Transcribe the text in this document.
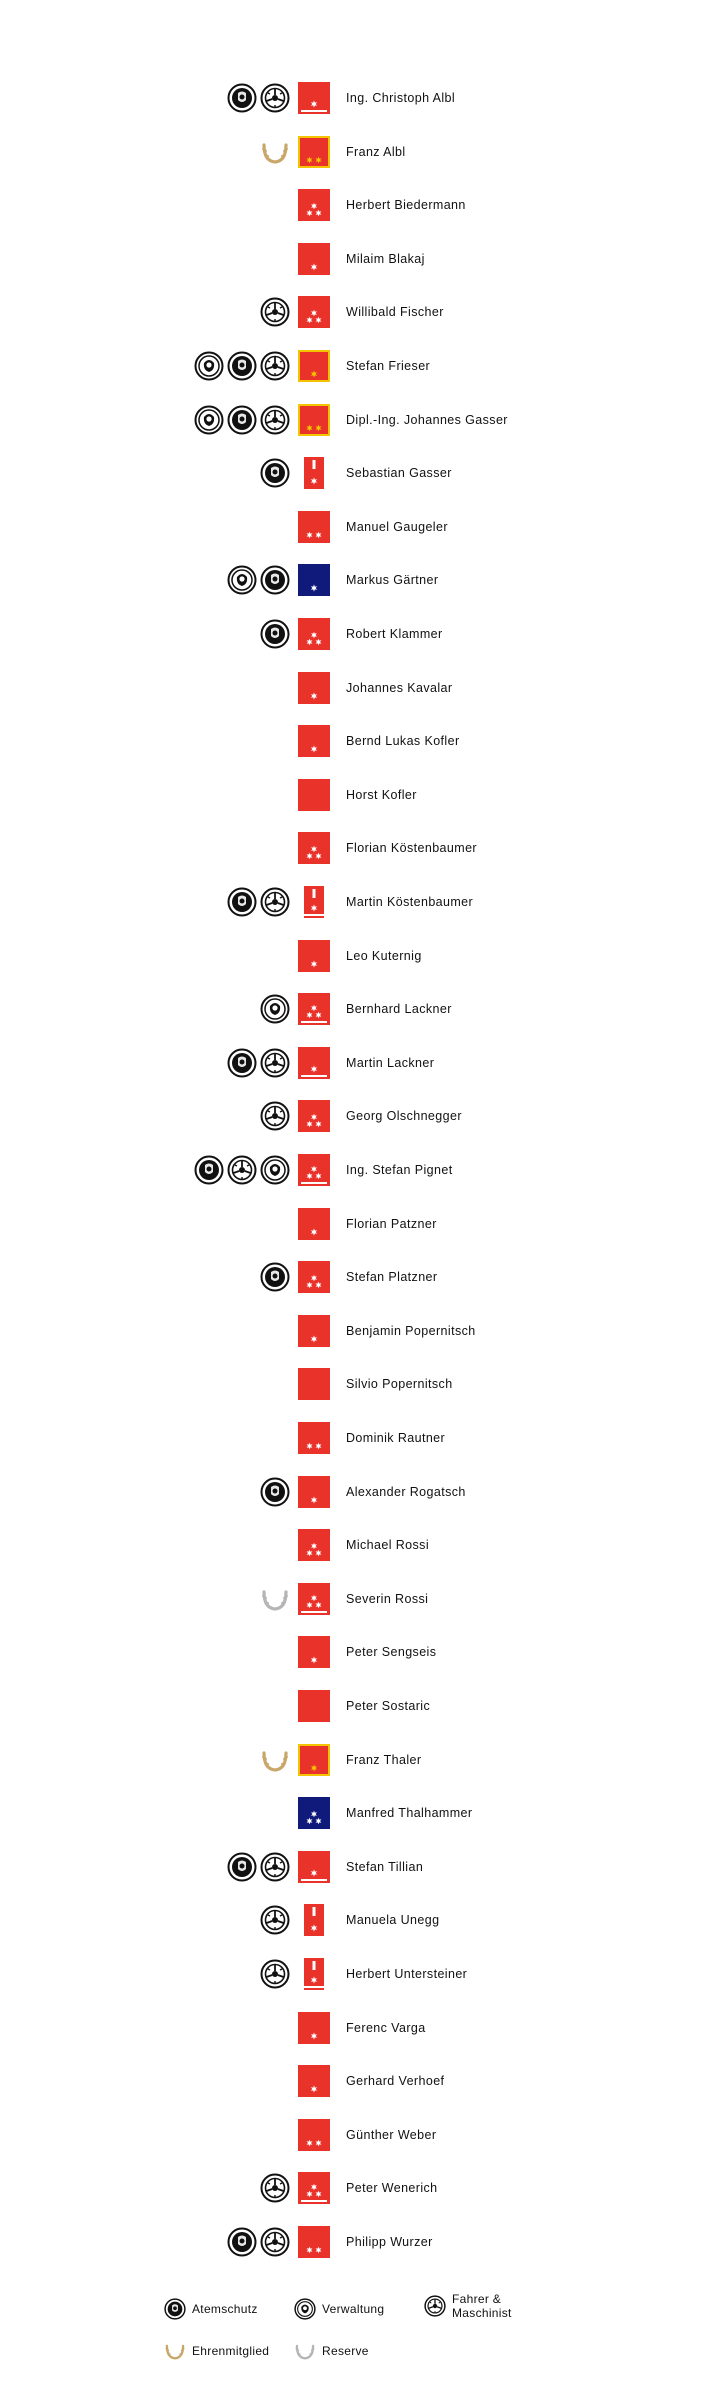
Ing. Christoph Albl
Franz Albl
Herbert Biedermann
Milaim Blakaj
Willibald Fischer
Stefan Frieser
Dipl.-Ing. Johannes Gasser
Sebastian Gasser
Manuel Gaugeler
Markus Gärtner
Robert Klammer
Johannes Kavalar
Bernd Lukas Kofler
Horst Kofler
Florian Köstenbaumer
Martin Köstenbaumer
Leo Kuternig
Bernhard Lackner
Martin Lackner
Georg Olschnegger
Ing. Stefan Pignet
Florian Patzner
Stefan Platzner
Benjamin Popernitsch
Silvio Popernitsch
Dominik Rautner
Alexander Rogatsch
Michael Rossi
Severin Rossi
Peter Sengseis
Peter Sostaric
Franz Thaler
Manfred Thalhammer
Stefan Tillian
Manuela Unegg
Herbert Untersteiner
Ferenc Varga
Gerhard Verhoef
Günther Weber
Peter Wenerich
Philipp Wurzer
Atemschutz	Verwaltung
Fahrer & Maschinist
Ehrenmitglied	Reserve
